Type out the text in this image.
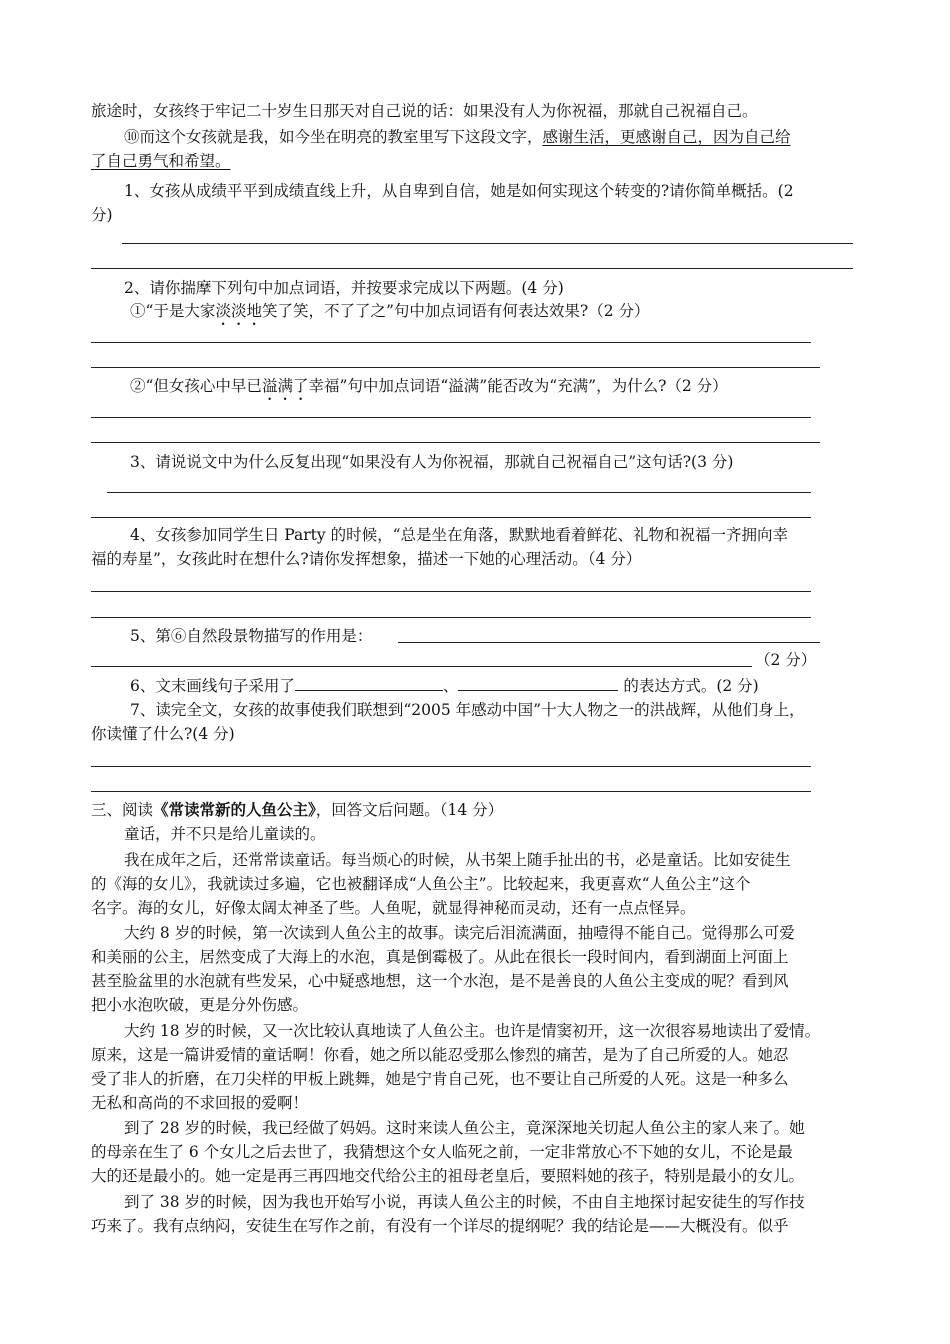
旅途时，女孩终于牢记二十岁生日那天对自己说的话：如果没有人为你祝福，那就自己祝福自己。
⑩而这个女孩就是我，如今坐在明亮的教室里写下这段文字，感谢生活，更感谢自己，因为自己给
了自己勇气和希望。
1、女孩从成绩平平到成绩直线上升，从自卑到自信，她是如何实现这个转变的?请你简单概括。(2
分)
2、请你揣摩下列句中加点词语，并按要求完成以下两题。(4 分)
①“于是大家淡淡地笑了笑，不了了之”句中加点词语有何表达效果?（2 分）
②“但女孩心中早已溢满了幸福”句中加点词语“溢满”能否改为“充满”，为什么?（2 分）
3、请说说文中为什么反复出现“如果没有人为你祝福，那就自己祝福自己”这句话?(3 分)
4、女孩参加同学生日 Party 的时候，“总是坐在角落，默默地看着鲜花、礼物和祝福一齐拥向幸
福的寿星”，女孩此时在想什么?请你发挥想象，描述一下她的心理活动。（4 分）
5、第⑥自然段景物描写的作用是：
（2 分）
6、文末画线句子采用了	、	的表达方式。(2 分)
7、读完全文，女孩的故事使我们联想到“2005 年感动中国”十大人物之一的洪战辉，从他们身上，
你读懂了什么?(4 分)
三、阅读《常读常新的人鱼公主》，回答文后问题。（14 分）
童话，并不只是给儿童读的。
我在成年之后，还常常读童话。每当烦心的时候，从书架上随手扯出的书，必是童话。比如安徒生
的《海的女儿》，我就读过多遍，它也被翻译成“人鱼公主”。比较起来，我更喜欢“人鱼公主”这个
名字。海的女儿，好像太阔太神圣了些。人鱼呢，就显得神秘而灵动，还有一点点怪异。
大约 8 岁的时候，第一次读到人鱼公主的故事。读完后泪流满面，抽噎得不能自己。觉得那么可爱
和美丽的公主，居然变成了大海上的水泡，真是倒霉极了。从此在很长一段时间内，看到湖面上河面上
甚至脸盆里的水泡就有些发呆，心中疑惑地想，这一个水泡，是不是善良的人鱼公主变成的呢？看到风
把小水泡吹破，更是分外伤感。
大约 18 岁的时候，又一次比较认真地读了人鱼公主。也许是情窦初开，这一次很容易地读出了爱情。
原来，这是一篇讲爱情的童话啊！你看，她之所以能忍受那么惨烈的痛苦，是为了自己所爱的人。她忍
受了非人的折磨，在刀尖样的甲板上跳舞，她是宁肯自己死，也不要让自己所爱的人死。这是一种多么
无私和高尚的不求回报的爱啊！
到了 28 岁的时候，我已经做了妈妈。这时来读人鱼公主，竟深深地关切起人鱼公主的家人来了。她
的母亲在生了 6 个女儿之后去世了，我猜想这个女人临死之前，一定非常放心不下她的女儿，不论是最
大的还是最小的。她一定是再三再四地交代给公主的祖母老皇后，要照料她的孩子，特别是最小的女儿。
到了 38 岁的时候，因为我也开始写小说，再读人鱼公主的时候，不由自主地探讨起安徒生的写作技
巧来了。我有点纳闷，安徒生在写作之前，有没有一个详尽的提纲呢？我的结论是——大概没有。似乎
